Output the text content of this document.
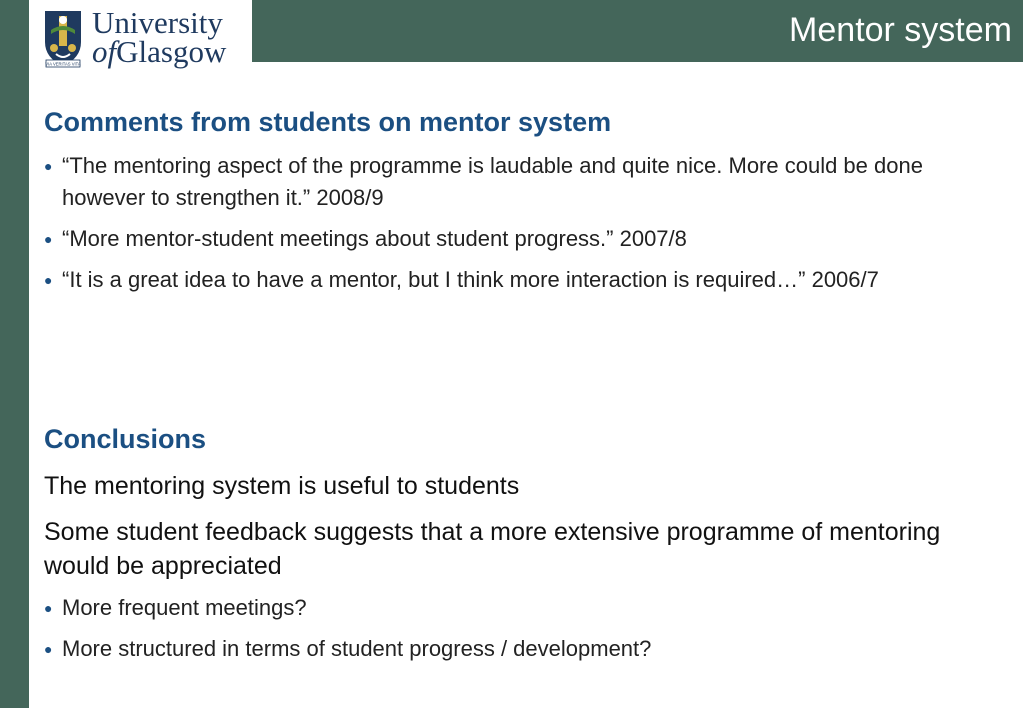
Mentor system
VIA VERITAS VITA
University
ofGlasgow
Comments from students on mentor system
● “The mentoring aspect of the programme is laudable and quite nice. More could be done however to strengthen it.” 2008/9
● “More mentor-student meetings about student progress.” 2007/8
● “It is a great idea to have a mentor, but I think more interaction is required…” 2006/7
Conclusions
The mentoring system is useful to students
Some student feedback suggests that a more extensive programme of mentoring would be appreciated
● More frequent meetings?
● More structured in terms of student progress / development?
